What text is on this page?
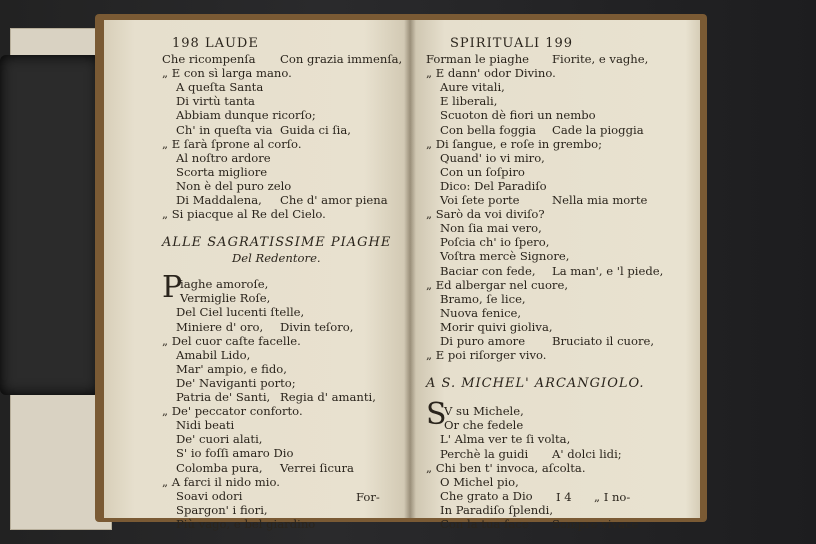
198 LAUDE
Che ricompenſa Con grazia immenſa,
„ E con sì larga mano.
A queſta Santa
Di virtù tanta
Abbiam dunque ricorſo;
Ch' in queſta via Guida ci ſia,
„ E ſarà ſprone al corſo.
Al noſtro ardore
Scorta migliore
Non è del puro zelo
Di Maddalena, Che d' amor piena
„ Si piacque al Re del Cielo.
ALLE SAGRATISSIME PIAGHE
Del Redentore.
P
iaghe amoroſe,
Vermiglie Roſe,
Del Ciel lucenti ſtelle,
Miniere d' oro, Divin teſoro,
„ Del cuor caſte facelle.
Amabil Lido,
Mar' ampio, e fido,
De' Naviganti porto;
Patria de' Santi, Regia d' amanti,
„ De' peccator conforto.
Nidi beati
De' cuori alati,
S' io foſſi amaro Dio
Colomba pura, Verrei ſicura
„ A farci il nido mio.
Soavi odori
Spargon' i fiori,
Più vago, e bel giardino
For-
SPIRITUALI 199
Forman le piaghe Fiorite, e vaghe,
„ E dann' odor Divino.
Aure vitali,
E liberali,
Scuoton dè fiori un nembo
Con bella foggia Cade la pioggia
„ Di ſangue, e roſe in grembo;
Quand' io vi miro,
Con un ſoſpiro
Dico: Del Paradiſo
Voi ſete porte	Nella mia morte
„ Sarò da voi diviſo?
Non ſia mai vero,
Poſcia ch' io ſpero,
Voſtra mercè Signore,
Baciar con fede, La man', e 'l piede,
„ Ed albergar nel cuore,
Bramo, ſe lice,
Nuova fenice,
Morir quivi gioliva,
Di puro amore Bruciato il cuore,
„ E poi riſorger vivo.
A S. MICHEL' ARCANGIOLO.
S
V su Michele,
Or che fedele
L' Alma ver te ſi volta,
Perchè la guidi A' dolci lidi;
„ Chi ben t' invoca, aſcolta.
O Michel pio,
Che grato a Dio
In Paradiſo ſplendi,
Con la tua face Sempre vivace
„ I no-
I 4
